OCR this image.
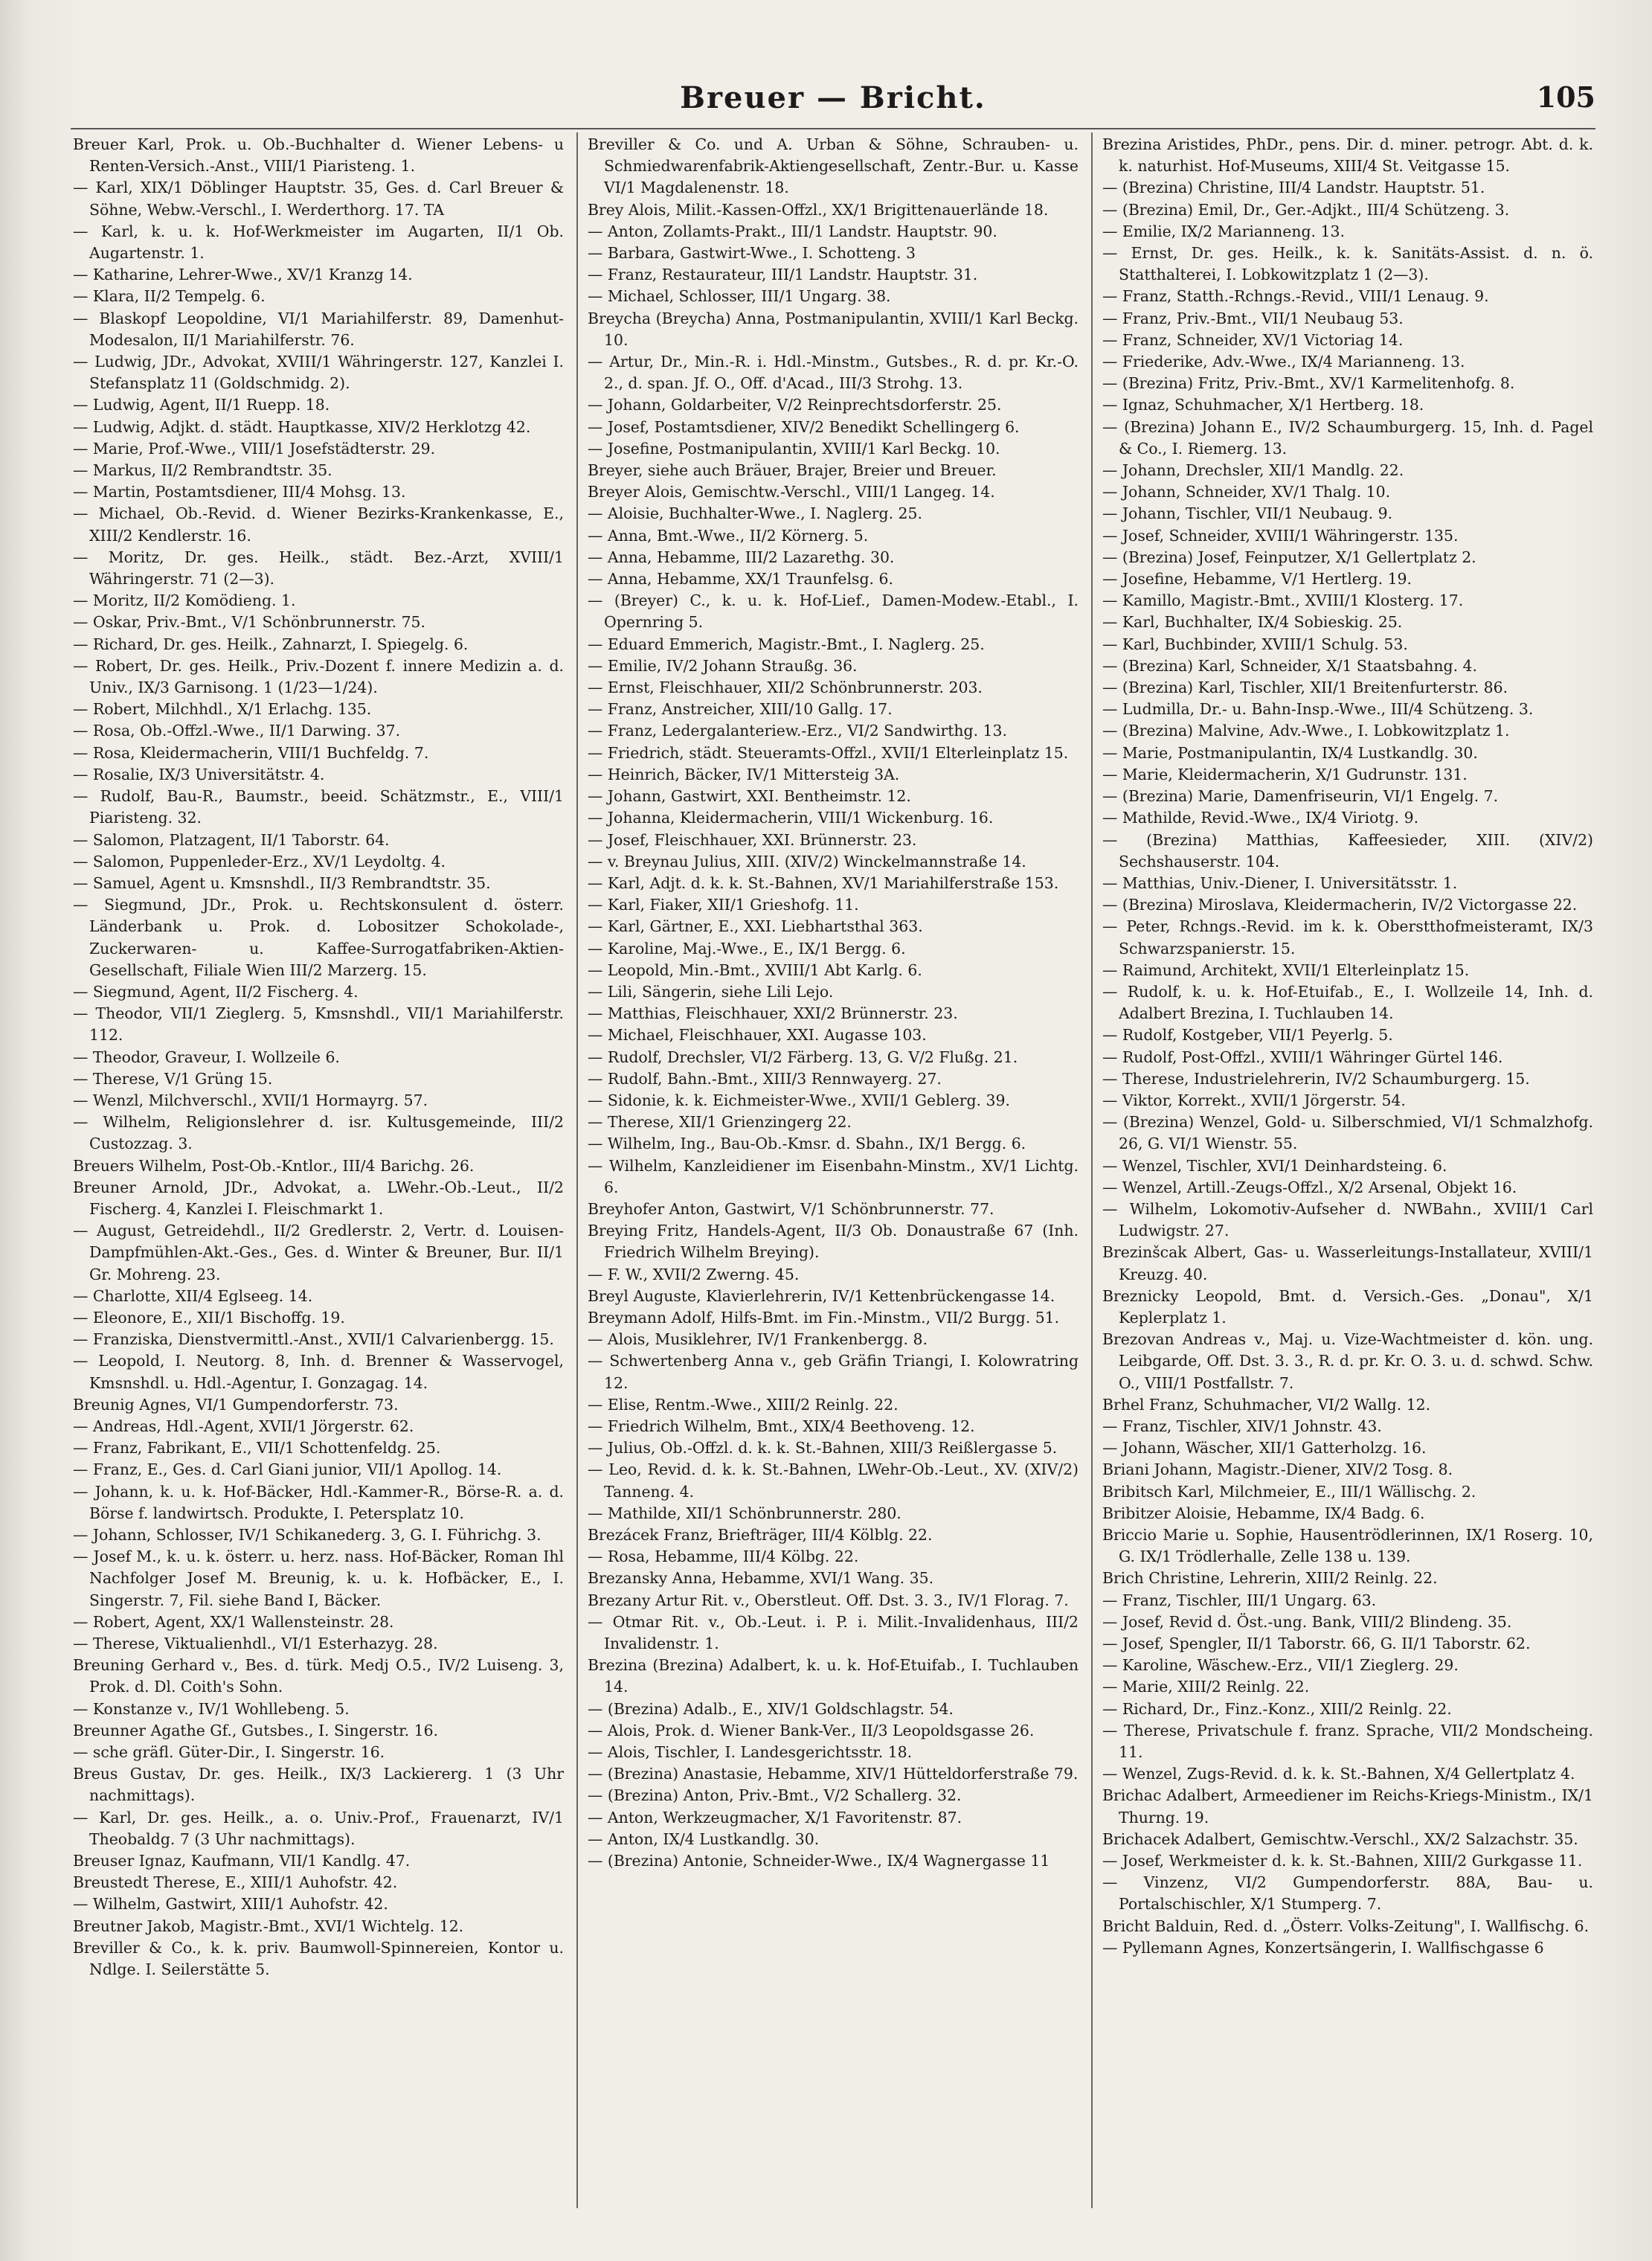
Breuer — Bricht.	105

Breuer Karl, Prok. u. Ob.-Buchhalter d. Wiener Lebens- u Renten-Versich.-Anst., VIII/1 Piaristeng. 1.

— Karl, XIX/1 Döblinger Hauptstr. 35, Ges. d. Carl Breuer & Söhne, Webw.-Verschl., I. Werderthorg. 17. TA

— Karl, k. u. k. Hof-Werkmeister im Augarten, II/1 Ob. Augartenstr. 1.

— Katharine, Lehrer-Wwe., XV/1 Kranzg 14.

— Klara, II/2 Tempelg. 6.

— Blaskopf Leopoldine, VI/1 Mariahilferstr. 89, Damenhut-Modesalon, II/1 Mariahilferstr. 76.

— Ludwig, JDr., Advokat, XVIII/1 Währingerstr. 127, Kanzlei I. Stefansplatz 11 (Goldschmidg. 2).

— Ludwig, Agent, II/1 Ruepp. 18.

— Ludwig, Adjkt. d. städt. Hauptkasse, XIV/2 Herklotzg 42.

— Marie, Prof.-Wwe., VIII/1 Josefstädterstr. 29.

— Markus, II/2 Rembrandtstr. 35.

— Martin, Postamtsdiener, III/4 Mohsg. 13.

— Michael, Ob.-Revid. d. Wiener Bezirks-Krankenkasse, E., XIII/2 Kendlerstr. 16.

— Moritz, Dr. ges. Heilk., städt. Bez.-Arzt, XVIII/1 Währingerstr. 71 (2—3).

— Moritz, II/2 Komödieng. 1.

— Oskar, Priv.-Bmt., V/1 Schönbrunnerstr. 75.

— Richard, Dr. ges. Heilk., Zahnarzt, I. Spiegelg. 6.

— Robert, Dr. ges. Heilk., Priv.-Dozent f. innere Medizin a. d. Univ., IX/3 Garnisong. 1 (1/23—1/24).

— Robert, Milchhdl., X/1 Erlachg. 135.

— Rosa, Ob.-Offzl.-Wwe., II/1 Darwing. 37.

— Rosa, Kleidermacherin, VIII/1 Buchfeldg. 7.

— Rosalie, IX/3 Universitätstr. 4.

— Rudolf, Bau-R., Baumstr., beeid. Schätzmstr., E., VIII/1 Piaristeng. 32.

— Salomon, Platzagent, II/1 Taborstr. 64.

— Salomon, Puppenleder-Erz., XV/1 Leydoltg. 4.

— Samuel, Agent u. Kmsnshdl., II/3 Rembrandtstr. 35.

— Siegmund, JDr., Prok. u. Rechtskonsulent d. österr. Länderbank u. Prok. d. Lobositzer Schokolade-, Zuckerwaren- u. Kaffee-Surrogatfabriken-Aktien-Gesellschaft, Filiale Wien III/2 Marzerg. 15.

— Siegmund, Agent, II/2 Fischerg. 4.

— Theodor, VII/1 Zieglerg. 5, Kmsnshdl., VII/1 Mariahilferstr. 112.

— Theodor, Graveur, I. Wollzeile 6.

— Therese, V/1 Grüng 15.

— Wenzl, Milchverschl., XVII/1 Hormayrg. 57.

— Wilhelm, Religionslehrer d. isr. Kultusgemeinde, III/2 Custozzag. 3.

Breuers Wilhelm, Post-Ob.-Kntlor., III/4 Barichg. 26.

Breuner Arnold, JDr., Advokat, a. LWehr.-Ob.-Leut., II/2 Fischerg. 4, Kanzlei I. Fleischmarkt 1.

— August, Getreidehdl., II/2 Gredlerstr. 2, Vertr. d. Louisen-Dampfmühlen-Akt.-Ges., Ges. d. Winter & Breuner, Bur. II/1 Gr. Mohreng. 23.

— Charlotte, XII/4 Eglseeg. 14.

— Eleonore, E., XII/1 Bischoffg. 19.

— Franziska, Dienstvermittl.-Anst., XVII/1 Calvarienbergg. 15.

— Leopold, I. Neutorg. 8, Inh. d. Brenner & Wasservogel, Kmsnshdl. u. Hdl.-Agentur, I. Gonzagag. 14.

Breunig Agnes, VI/1 Gumpendorferstr. 73.

— Andreas, Hdl.-Agent, XVII/1 Jörgerstr. 62.

— Franz, Fabrikant, E., VII/1 Schottenfeldg. 25.

— Franz, E., Ges. d. Carl Giani junior, VII/1 Apollog. 14.

— Johann, k. u. k. Hof-Bäcker, Hdl.-Kammer-R., Börse-R. a. d. Börse f. landwirtsch. Produkte, I. Petersplatz 10.

— Johann, Schlosser, IV/1 Schikanederg. 3, G. I. Führichg. 3.

— Josef M., k. u. k. österr. u. herz. nass. Hof-Bäcker, Roman Ihl Nachfolger Josef M. Breunig, k. u. k. Hofbäcker, E., I. Singerstr. 7, Fil. siehe Band I, Bäcker.

— Robert, Agent, XX/1 Wallensteinstr. 28.

— Therese, Viktualienhdl., VI/1 Esterhazyg. 28.

Breuning Gerhard v., Bes. d. türk. Medj O.5., IV/2 Luiseng. 3, Prok. d. Dl. Coith's Sohn.

— Konstanze v., IV/1 Wohllebeng. 5.

Breunner Agathe Gf., Gutsbes., I. Singerstr. 16.

— sche gräfl. Güter-Dir., I. Singerstr. 16.

Breus Gustav, Dr. ges. Heilk., IX/3 Lackiererg. 1 (3 Uhr nachmittags).

— Karl, Dr. ges. Heilk., a. o. Univ.-Prof., Frauenarzt, IV/1 Theobaldg. 7 (3 Uhr nachmittags).

Breuser Ignaz, Kaufmann, VII/1 Kandlg. 47.

Breustedt Therese, E., XIII/1 Auhofstr. 42.

— Wilhelm, Gastwirt, XIII/1 Auhofstr. 42.

Breutner Jakob, Magistr.-Bmt., XVI/1 Wichtelg. 12.

Breviller & Co., k. k. priv. Baumwoll-Spinnereien, Kontor u. Ndlge. I. Seilerstätte 5.

Breviller & Co. und A. Urban & Söhne, Schrauben- u. Schmiedwarenfabrik-Aktiengesellschaft, Zentr.-Bur. u. Kasse VI/1 Magdalenenstr. 18.

Brey Alois, Milit.-Kassen-Offzl., XX/1 Brigittenauerlände 18.

— Anton, Zollamts-Prakt., III/1 Landstr. Hauptstr. 90.

— Barbara, Gastwirt-Wwe., I. Schotteng. 3

— Franz, Restaurateur, III/1 Landstr. Hauptstr. 31.

— Michael, Schlosser, III/1 Ungarg. 38.

Breycha (Breycha) Anna, Postmanipulantin, XVIII/1 Karl Beckg. 10.

— Artur, Dr., Min.-R. i. Hdl.-Minstm., Gutsbes., R. d. pr. Kr.-O. 2., d. span. Jf. O., Off. d'Acad., III/3 Strohg. 13.

— Johann, Goldarbeiter, V/2 Reinprechtsdorferstr. 25.

— Josef, Postamtsdiener, XIV/2 Benedikt Schellingerg 6.

— Josefine, Postmanipulantin, XVIII/1 Karl Beckg. 10.

Breyer, siehe auch Bräuer, Brajer, Breier und Breuer.

Breyer Alois, Gemischtw.-Verschl., VIII/1 Langeg. 14.

— Aloisie, Buchhalter-Wwe., I. Naglerg. 25.

— Anna, Bmt.-Wwe., II/2 Körnerg. 5.

— Anna, Hebamme, III/2 Lazarethg. 30.

— Anna, Hebamme, XX/1 Traunfelsg. 6.

— (Breyer) C., k. u. k. Hof-Lief., Damen-Modew.-Etabl., I. Opernring 5.

— Eduard Emmerich, Magistr.-Bmt., I. Naglerg. 25.

— Emilie, IV/2 Johann Straußg. 36.

— Ernst, Fleischhauer, XII/2 Schönbrunnerstr. 203.

— Franz, Anstreicher, XIII/10 Gallg. 17.

— Franz, Ledergalanteriew.-Erz., VI/2 Sandwirthg. 13.

— Friedrich, städt. Steueramts-Offzl., XVII/1 Elterleinplatz 15.

— Heinrich, Bäcker, IV/1 Mittersteig 3A.

— Johann, Gastwirt, XXI. Bentheimstr. 12.

— Johanna, Kleidermacherin, VIII/1 Wickenburg. 16.

— Josef, Fleischhauer, XXI. Brünnerstr. 23.

— v. Breynau Julius, XIII. (XIV/2) Winckelmannstraße 14.

— Karl, Adjt. d. k. k. St.-Bahnen, XV/1 Mariahilferstraße 153.

— Karl, Fiaker, XII/1 Grieshofg. 11.

— Karl, Gärtner, E., XXI. Liebhartsthal 363.

— Karoline, Maj.-Wwe., E., IX/1 Bergg. 6.

— Leopold, Min.-Bmt., XVIII/1 Abt Karlg. 6.

— Lili, Sängerin, siehe Lili Lejo.

— Matthias, Fleischhauer, XXI/2 Brünnerstr. 23.

— Michael, Fleischhauer, XXI. Augasse 103.

— Rudolf, Drechsler, VI/2 Färberg. 13, G. V/2 Flußg. 21.

— Rudolf, Bahn.-Bmt., XIII/3 Rennwayerg. 27.

— Sidonie, k. k. Eichmeister-Wwe., XVII/1 Geblerg. 39.

— Therese, XII/1 Grienzingerg 22.

— Wilhelm, Ing., Bau-Ob.-Kmsr. d. Sbahn., IX/1 Bergg. 6.

— Wilhelm, Kanzleidiener im Eisenbahn-Minstm., XV/1 Lichtg. 6.

Breyhofer Anton, Gastwirt, V/1 Schönbrunnerstr. 77.

Breying Fritz, Handels-Agent, II/3 Ob. Donaustraße 67 (Inh. Friedrich Wilhelm Breying).

— F. W., XVII/2 Zwerng. 45.

Breyl Auguste, Klavierlehrerin, IV/1 Kettenbrückengasse 14.

Breymann Adolf, Hilfs-Bmt. im Fin.-Minstm., VII/2 Burgg. 51.

— Alois, Musiklehrer, IV/1 Frankenbergg. 8.

— Schwertenberg Anna v., geb Gräfin Triangi, I. Kolowratring 12.

— Elise, Rentm.-Wwe., XIII/2 Reinlg. 22.

— Friedrich Wilhelm, Bmt., XIX/4 Beethoveng. 12.

— Julius, Ob.-Offzl. d. k. k. St.-Bahnen, XIII/3 Reißlergasse 5.

— Leo, Revid. d. k. k. St.-Bahnen, LWehr-Ob.-Leut., XV. (XIV/2) Tanneng. 4.

— Mathilde, XII/1 Schönbrunnerstr. 280.

Brezácek Franz, Briefträger, III/4 Kölblg. 22.

— Rosa, Hebamme, III/4 Kölbg. 22.

Brezansky Anna, Hebamme, XVI/1 Wang. 35.

Brezany Artur Rit. v., Oberstleut. Off. Dst. 3. 3., IV/1 Florag. 7.

— Otmar Rit. v., Ob.-Leut. i. P. i. Milit.-Invalidenhaus, III/2 Invalidenstr. 1.

Brezina (Brezina) Adalbert, k. u. k. Hof-Etuifab., I. Tuchlauben 14.

— (Brezina) Adalb., E., XIV/1 Goldschlagstr. 54.

— Alois, Prok. d. Wiener Bank-Ver., II/3 Leopoldsgasse 26.

— Alois, Tischler, I. Landesgerichtsstr. 18.

— (Brezina) Anastasie, Hebamme, XIV/1 Hütteldorferstraße 79.

— (Brezina) Anton, Priv.-Bmt., V/2 Schallerg. 32.

— Anton, Werkzeugmacher, X/1 Favoritenstr. 87.

— Anton, IX/4 Lustkandlg. 30.

— (Brezina) Antonie, Schneider-Wwe., IX/4 Wagnergasse 11

Brezina Aristides, PhDr., pens. Dir. d. miner. petrogr. Abt. d. k. k. naturhist. Hof-Museums, XIII/4 St. Veitgasse 15.

— (Brezina) Christine, III/4 Landstr. Hauptstr. 51.

— (Brezina) Emil, Dr., Ger.-Adjkt., III/4 Schützeng. 3.

— Emilie, IX/2 Marianneng. 13.

— Ernst, Dr. ges. Heilk., k. k. Sanitäts-Assist. d. n. ö. Statthalterei, I. Lobkowitzplatz 1 (2—3).

— Franz, Statth.-Rchngs.-Revid., VIII/1 Lenaug. 9.

— Franz, Priv.-Bmt., VII/1 Neubaug 53.

— Franz, Schneider, XV/1 Victoriag 14.

— Friederike, Adv.-Wwe., IX/4 Marianneng. 13.

— (Brezina) Fritz, Priv.-Bmt., XV/1 Karmelitenhofg. 8.

— Ignaz, Schuhmacher, X/1 Hertberg. 18.

— (Brezina) Johann E., IV/2 Schaumburgerg. 15, Inh. d. Pagel & Co., I. Riemerg. 13.

— Johann, Drechsler, XII/1 Mandlg. 22.

— Johann, Schneider, XV/1 Thalg. 10.

— Johann, Tischler, VII/1 Neubaug. 9.

— Josef, Schneider, XVIII/1 Währingerstr. 135.

— (Brezina) Josef, Feinputzer, X/1 Gellertplatz 2.

— Josefine, Hebamme, V/1 Hertlerg. 19.

— Kamillo, Magistr.-Bmt., XVIII/1 Klosterg. 17.

— Karl, Buchhalter, IX/4 Sobieskig. 25.

— Karl, Buchbinder, XVIII/1 Schulg. 53.

— (Brezina) Karl, Schneider, X/1 Staatsbahng. 4.

— (Brezina) Karl, Tischler, XII/1 Breitenfurterstr. 86.

— Ludmilla, Dr.- u. Bahn-Insp.-Wwe., III/4 Schützeng. 3.

— (Brezina) Malvine, Adv.-Wwe., I. Lobkowitzplatz 1.

— Marie, Postmanipulantin, IX/4 Lustkandlg. 30.

— Marie, Kleidermacherin, X/1 Gudrunstr. 131.

— (Brezina) Marie, Damenfriseurin, VI/1 Engelg. 7.

— Mathilde, Revid.-Wwe., IX/4 Viriotg. 9.

— (Brezina) Matthias, Kaffeesieder, XIII. (XIV/2) Sechshauserstr. 104.

— Matthias, Univ.-Diener, I. Universitätsstr. 1.

— (Brezina) Miroslava, Kleidermacherin, IV/2 Victorgasse 22.

— Peter, Rchngs.-Revid. im k. k. Oberstthofmeisteramt, IX/3 Schwarzspanierstr. 15.

— Raimund, Architekt, XVII/1 Elterleinplatz 15.

— Rudolf, k. u. k. Hof-Etuifab., E., I. Wollzeile 14, Inh. d. Adalbert Brezina, I. Tuchlauben 14.

— Rudolf, Kostgeber, VII/1 Peyerlg. 5.

— Rudolf, Post-Offzl., XVIII/1 Währinger Gürtel 146.

— Therese, Industrielehrerin, IV/2 Schaumburgerg. 15.

— Viktor, Korrekt., XVII/1 Jörgerstr. 54.

— (Brezina) Wenzel, Gold- u. Silberschmied, VI/1 Schmalzhofg. 26, G. VI/1 Wienstr. 55.

— Wenzel, Tischler, XVI/1 Deinhardsteing. 6.

— Wenzel, Artill.-Zeugs-Offzl., X/2 Arsenal, Objekt 16.

— Wilhelm, Lokomotiv-Aufseher d. NWBahn., XVIII/1 Carl Ludwigstr. 27.

Brezinšcak Albert, Gas- u. Wasserleitungs-Installateur, XVIII/1 Kreuzg. 40.

Breznicky Leopold, Bmt. d. Versich.-Ges. „Donau", X/1 Keplerplatz 1.

Brezovan Andreas v., Maj. u. Vize-Wachtmeister d. kön. ung. Leibgarde, Off. Dst. 3. 3., R. d. pr. Kr. O. 3. u. d. schwd. Schw. O., VIII/1 Postfallstr. 7.

Brhel Franz, Schuhmacher, VI/2 Wallg. 12.

— Franz, Tischler, XIV/1 Johnstr. 43.

— Johann, Wäscher, XII/1 Gatterholzg. 16.

Briani Johann, Magistr.-Diener, XIV/2 Tosg. 8.

Bribitsch Karl, Milchmeier, E., III/1 Wällischg. 2.

Bribitzer Aloisie, Hebamme, IX/4 Badg. 6.

Briccio Marie u. Sophie, Hausentrödlerinnen, IX/1 Roserg. 10, G. IX/1 Trödlerhalle, Zelle 138 u. 139.

Brich Christine, Lehrerin, XIII/2 Reinlg. 22.

— Franz, Tischler, III/1 Ungarg. 63.

— Josef, Revid d. Öst.-ung. Bank, VIII/2 Blindeng. 35.

— Josef, Spengler, II/1 Taborstr. 66, G. II/1 Taborstr. 62.

— Karoline, Wäschew.-Erz., VII/1 Zieglerg. 29.

— Marie, XIII/2 Reinlg. 22.

— Richard, Dr., Finz.-Konz., XIII/2 Reinlg. 22.

— Therese, Privatschule f. franz. Sprache, VII/2 Mondscheing. 11.

— Wenzel, Zugs-Revid. d. k. k. St.-Bahnen, X/4 Gellertplatz 4.

Brichac Adalbert, Armeediener im Reichs-Kriegs-Ministm., IX/1 Thurng. 19.

Brichacek Adalbert, Gemischtw.-Verschl., XX/2 Salzachstr. 35.

— Josef, Werkmeister d. k. k. St.-Bahnen, XIII/2 Gurkgasse 11.

— Vinzenz, VI/2 Gumpendorferstr. 88A, Bau- u. Portalschischler, X/1 Stumperg. 7.

Bricht Balduin, Red. d. „Österr. Volks-Zeitung", I. Wallfischg. 6.

— Pyllemann Agnes, Konzertsängerin, I. Wallfischgasse 6
